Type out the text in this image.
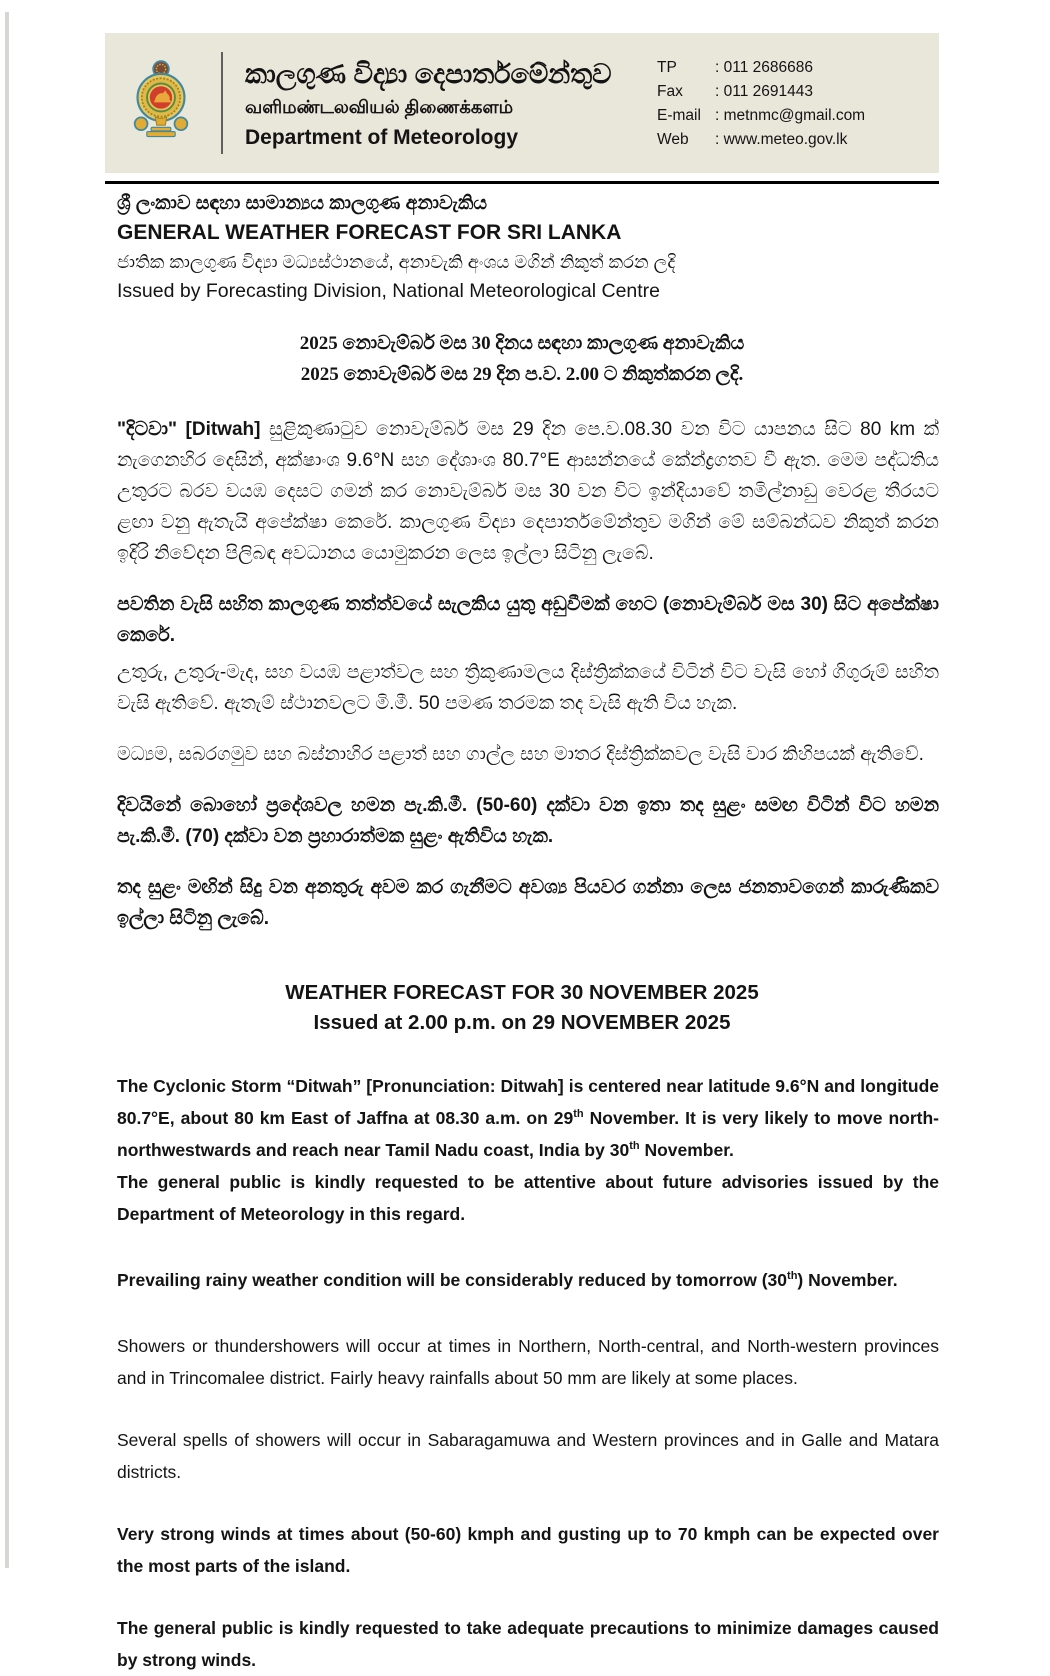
කාලගුණ විද්‍යා දෙපාර්තමේන්තුව
வளிமண்டலவியல் திணைக்களம்
Department of Meteorology
TP	: 011 2686686
Fax	: 011 2691443
E-mail : metnmc@gmail.com
Web	: www.meteo.gov.lk
ශ්‍රී ලංකාව සඳහා සාමාන්‍යය කාලගුණ අනාවැකිය
GENERAL WEATHER FORECAST FOR SRI LANKA
ජාතික කාලගුණ විද්‍යා මධ්‍යස්ථානයේ, අනාවැකි අංශය මගින් නිකුත් කරන ලදි
Issued by Forecasting Division, National Meteorological Centre
2025 නොවැම්බර් මස 30 දිනය සඳහා කාලගුණ අනාවැකිය
2025 නොවැම්බර් මස 29 දින ප.ව. 2.00 ට නිකුත්කරන ලදි.
"දිටවා" [Ditwah] සුළිකුණාටුව නොවැම්බර් මස 29 දින පෙ.ව.08.30 වන විට යාපනය සිට 80 km ක් නැගෙනහිර දෙසින්, අක්ෂාංශ 9.6°N සහ දේශාංශ 80.7°E ආසන්නයේ කේන්ද්‍රගතව වී ඇත. මෙම පද්ධතිය උතුරට බරව වයඹ දෙසට ගමන් කර නොවැම්බර් මස 30 වන විට ඉන්දියාවේ තමිල්නාඩු වෙරළ තීරයට ළඟා වනු ඇතැයි අපේක්ෂා කෙරේ. කාලගුණ විද්‍යා දෙපාර්තමේන්තුව මගින් මේ සම්බන්ධව නිකුත් කරන ඉදිරි නිවේදන පිලිබඳ අවධානය යොමුකරන ලෙස ඉල්ලා සිටිනු ලැබේ.
පවතින වැසි සහිත කාලගුණ තත්ත්වයේ සැලකිය යුතු අඩුවීමක් හෙට (නොවැම්බර් මස 30) සිට අපේක්ෂා කෙරේ.
උතුරු, උතුරු-මැද, සහ වයඹ පළාත්වල සහ ත්‍රිකුණාමලය දිස්ත්‍රික්කයේ විටින් විට වැසි හෝ ගිගුරුම් සහිත වැසි ඇතිවේ. ඇතැම් ස්ථානවලට මි.මී. 50 පමණ තරමක තද වැසි ඇති විය හැක.
මධ්‍යම, සබරගමුව සහ බස්නාහිර පළාත් සහ ගාල්ල සහ මාතර දිස්ත්‍රික්කවල වැසි වාර කිහිපයක් ඇතිවේ.
දිවයිනේ බොහෝ ප්‍රදේශවල හමන පැ.කි.මී. (50-60) දක්වා වන ඉතා තද සුළං සමඟ විටින් විට හමන පැ.කි.මී. (70) දක්වා වන ප්‍රහාරාත්මක සුළං ඇතිවිය හැක.
තද සුළං මඟින් සිදු වන අනතුරු අවම කර ගැනීමට අවශ්‍ය පියවර ගන්නා ලෙස ජනතාවගෙන් කාරුණිකව ඉල්ලා සිටිනු ලැබේ.
WEATHER FORECAST FOR 30 NOVEMBER 2025
Issued at 2.00 p.m. on 29 NOVEMBER 2025
The Cyclonic Storm “Ditwah” [Pronunciation: Ditwah] is centered near latitude 9.6°N and longitude 80.7°E, about 80 km East of Jaffna at 08.30 a.m. on 29th November. It is very likely to move north-northwestwards and reach near Tamil Nadu coast, India by 30th November.
The general public is kindly requested to be attentive about future advisories issued by the Department of Meteorology in this regard.
Prevailing rainy weather condition will be considerably reduced by tomorrow (30th) November.
Showers or thundershowers will occur at times in Northern, North-central, and North-western provinces and in Trincomalee district. Fairly heavy rainfalls about 50 mm are likely at some places.
Several spells of showers will occur in Sabaragamuwa and Western provinces and in Galle and Matara districts.
Very strong winds at times about (50-60) kmph and gusting up to 70 kmph can be expected over the most parts of the island.
The general public is kindly requested to take adequate precautions to minimize damages caused by strong winds.
